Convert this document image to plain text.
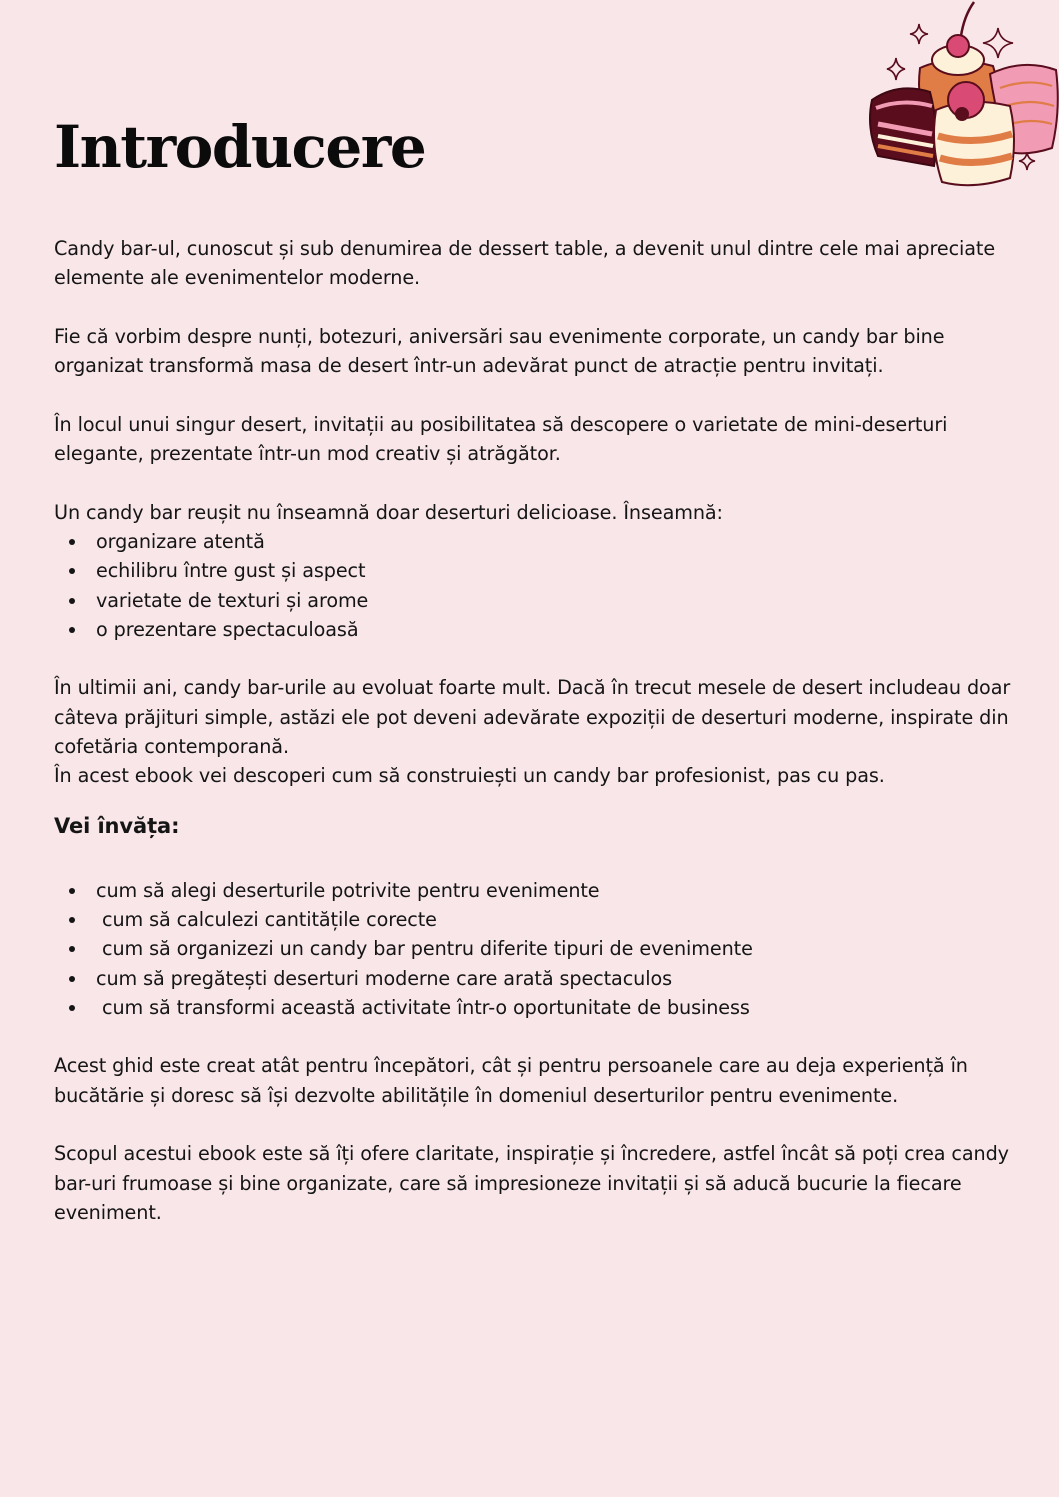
Introducere

Candy bar-ul, cunoscut și sub denumirea de dessert table, a devenit unul dintre cele mai apreciate elemente ale evenimentelor moderne.

Fie că vorbim despre nunți, botezuri, aniversări sau evenimente corporate, un candy bar bine organizat transformă masa de desert într-un adevărat punct de atracție pentru invitați.

În locul unui singur desert, invitații au posibilitatea să descopere o varietate de mini-deserturi elegante, prezentate într-un mod creativ și atrăgător.

Un candy bar reușit nu înseamnă doar deserturi delicioase. Înseamnă:

organizare atentă
echilibru între gust și aspect
varietate de texturi și arome
o prezentare spectaculoasă

În ultimii ani, candy bar-urile au evoluat foarte mult. Dacă în trecut mesele de desert includeau doar câteva prăjituri simple, astăzi ele pot deveni adevărate expoziții de deserturi moderne, inspirate din cofetăria contemporană.

În acest ebook vei descoperi cum să construiești un candy bar profesionist, pas cu pas.

Vei învăța:
cum să alegi deserturile potrivite pentru evenimente
cum să calculezi cantitățile corecte
cum să organizezi un candy bar pentru diferite tipuri de evenimente
cum să pregătești deserturi moderne care arată spectaculos
cum să transformi această activitate într-o oportunitate de business

Acest ghid este creat atât pentru începători, cât și pentru persoanele care au deja experiență în bucătărie și doresc să își dezvolte abilitățile în domeniul deserturilor pentru evenimente.

Scopul acestui ebook este să îți ofere claritate, inspirație și încredere, astfel încât să poți crea candy bar-uri frumoase și bine organizate, care să impresioneze invitații și să aducă bucurie la fiecare eveniment.
